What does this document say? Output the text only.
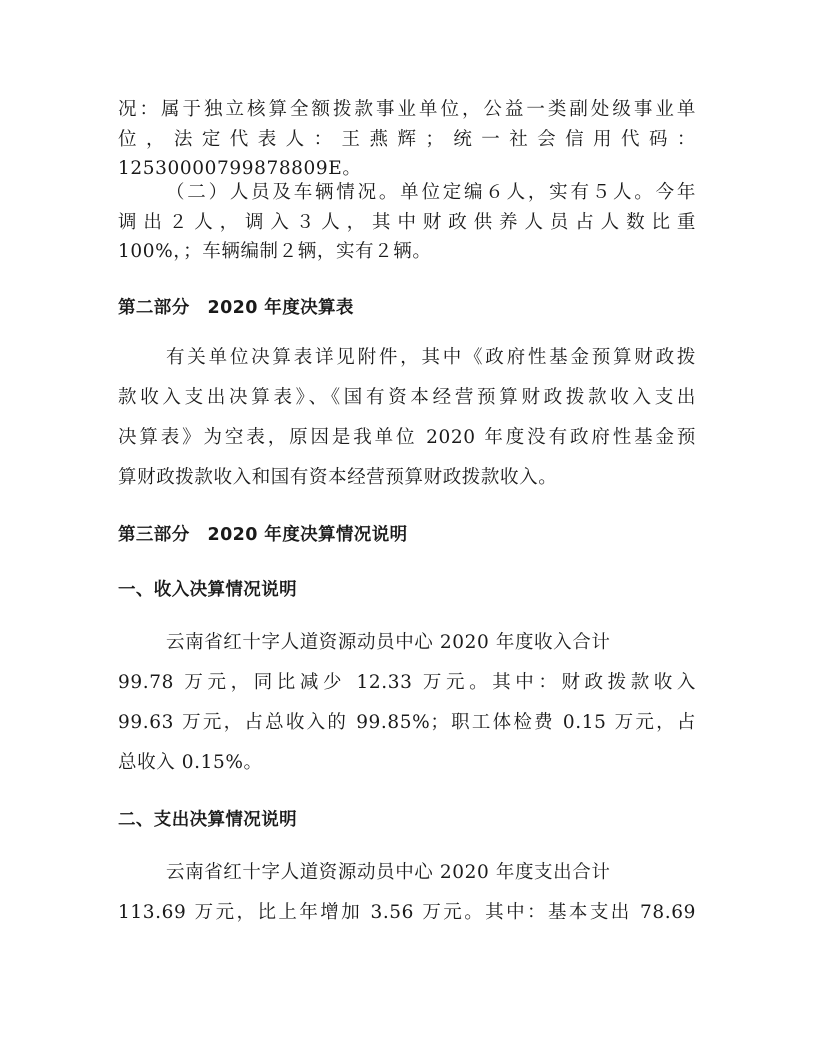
况：属于独立核算全额拨款事业单位，公益一类副处级事业单
位，法定代表人：王燕辉；统一社会信用代码：
12530000799878809E。
（二）人员及车辆情况。单位定编６人，实有５人。今年
调出２人，调入３人，其中财政供养人员占人数比重
100%，；车辆编制２辆，实有２辆。
第二部分　2020 年度决算表
有关单位决算表详见附件，其中《政府性基金预算财政拨
款收入支出决算表》、《国有资本经营预算财政拨款收入支出
决算表》为空表，原因是我单位 2020 年度没有政府性基金预
算财政拨款收入和国有资本经营预算财政拨款收入。
第三部分　2020 年度决算情况说明
一、收入决算情况说明
云南省红十字人道资源动员中心 2020 年度收入合计
99.78 万元，同比减少 12.33 万元。其中：财政拨款收入
99.63 万元，占总收入的 99.85%；职工体检费 0.15 万元，占
总收入 0.15%。
二、支出决算情况说明
云南省红十字人道资源动员中心 2020 年度支出合计
113.69 万元，比上年增加 3.56 万元。其中：基本支出 78.69
